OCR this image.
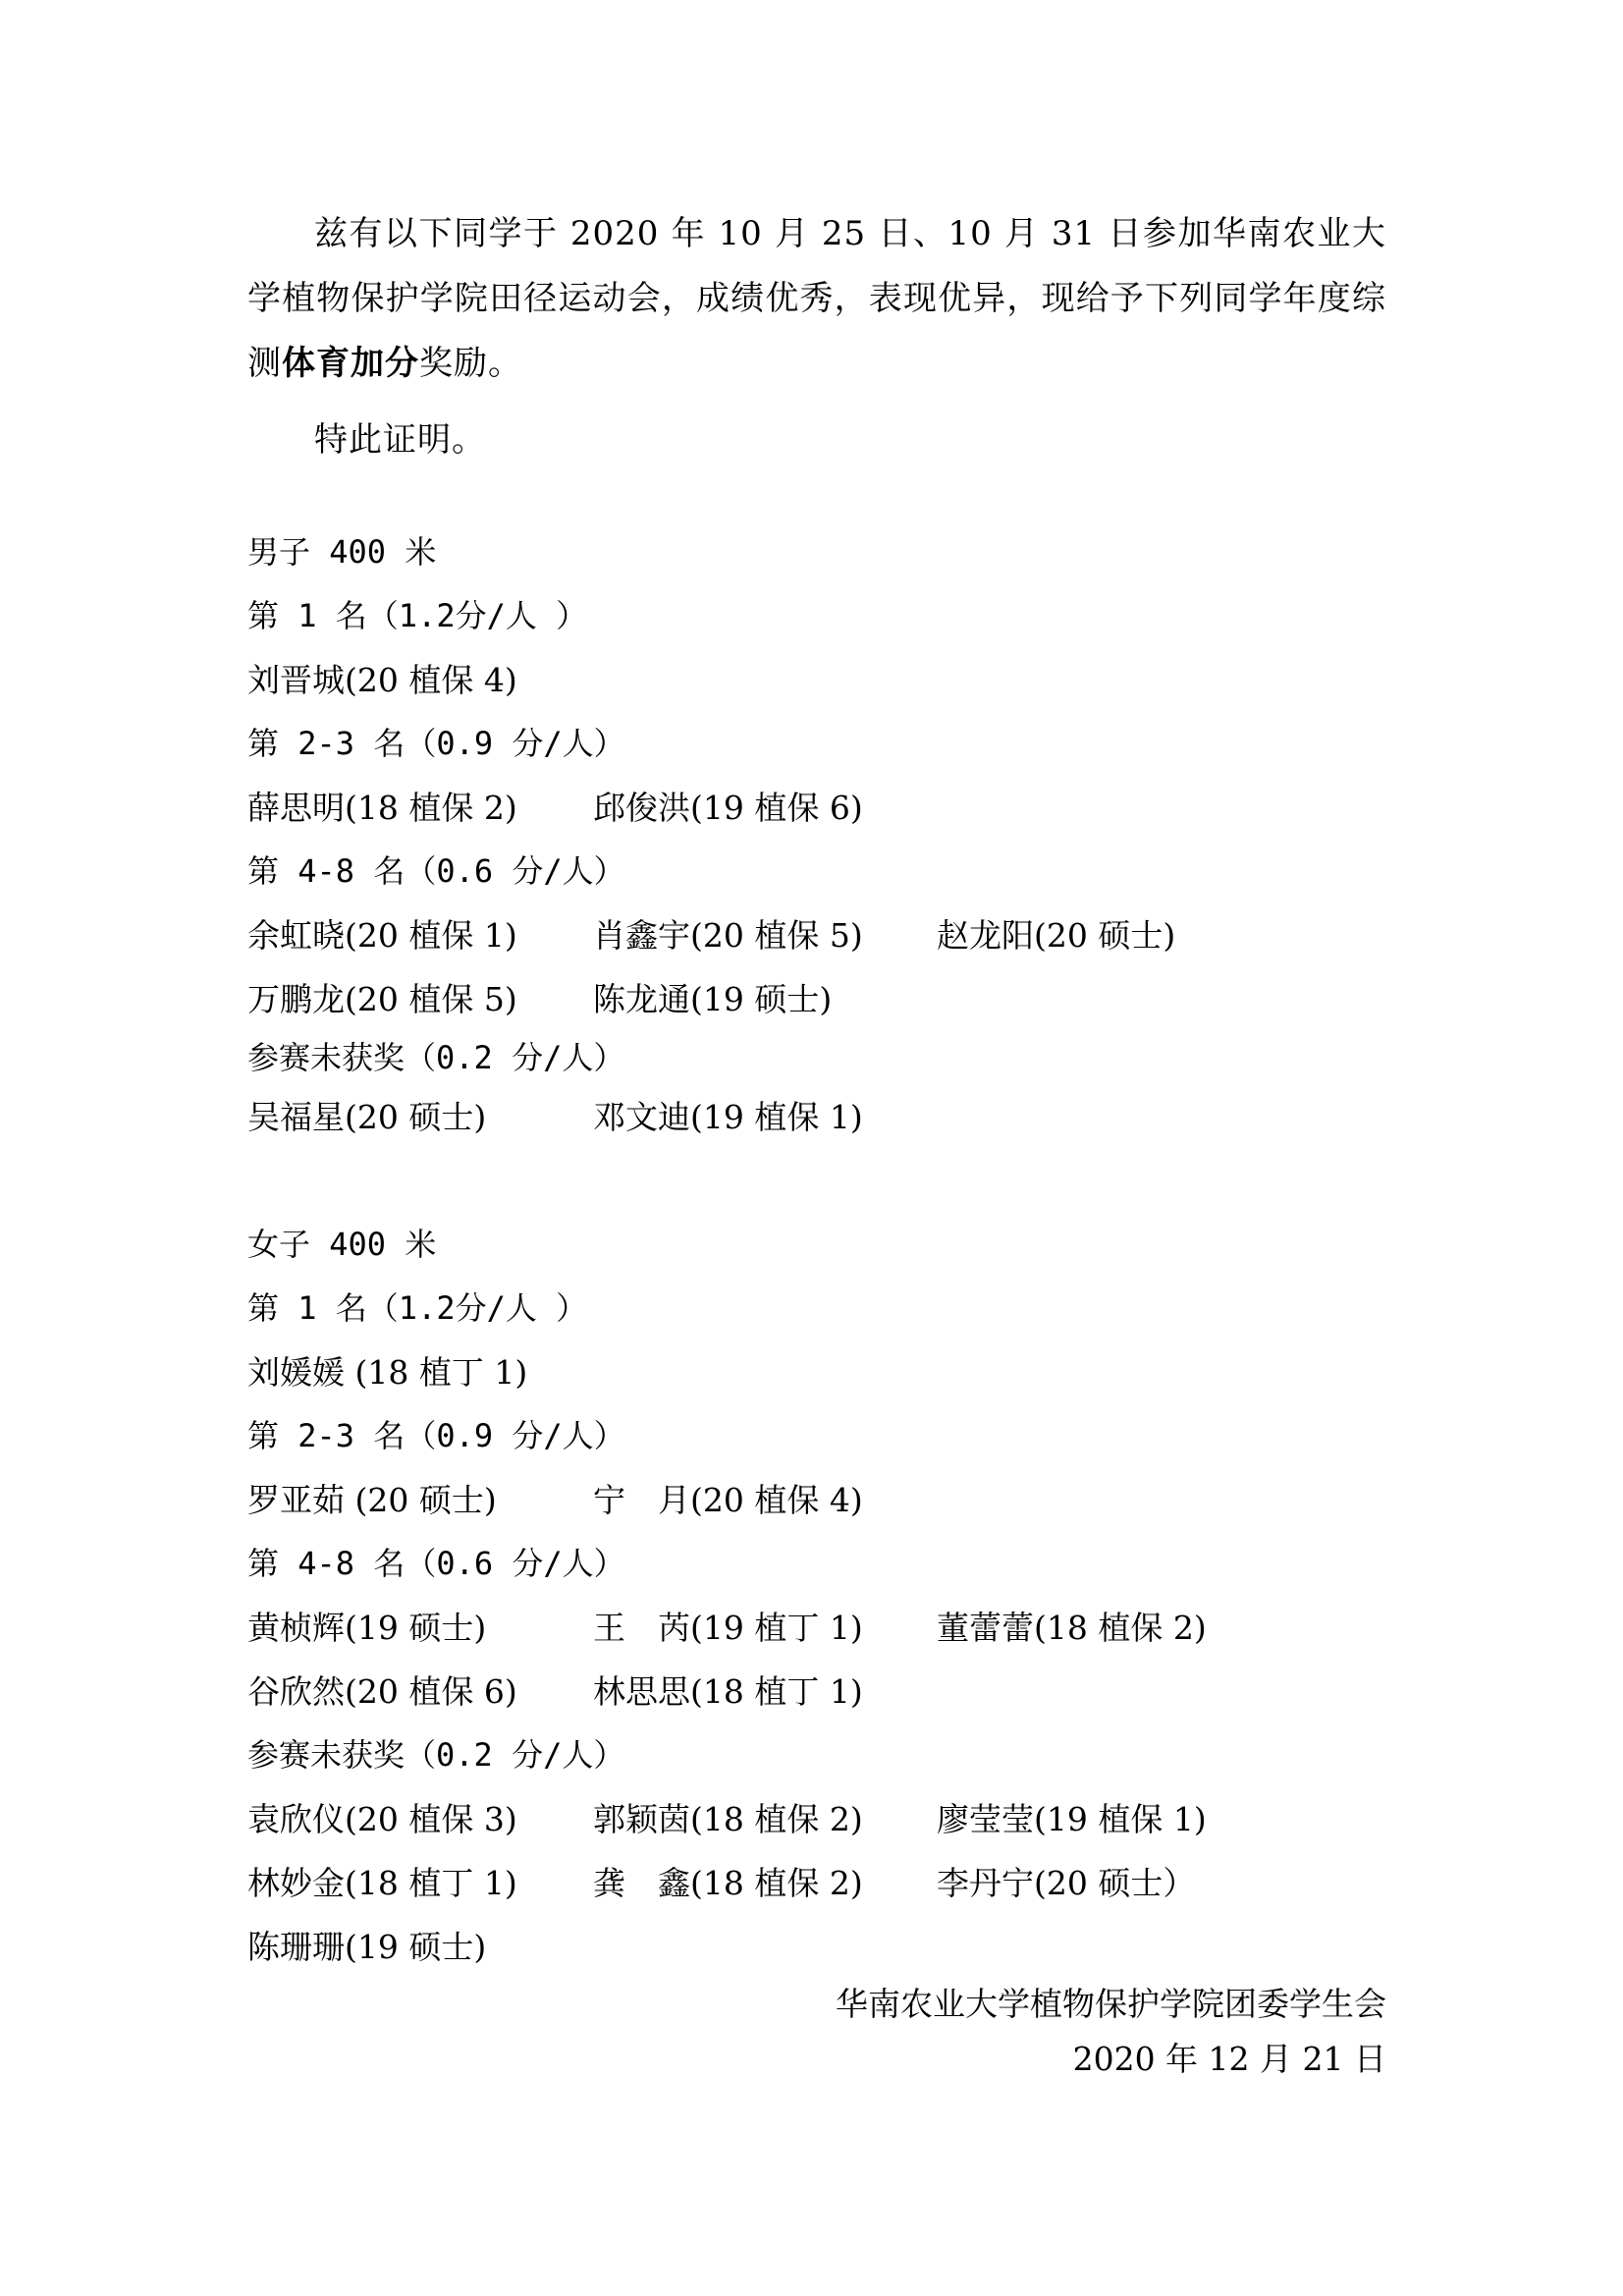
兹有以下同学于 2020 年 10 月 25 日、10 月 31 日参加华南农业大学植物保护学院田径运动会，成绩优秀，表现优异，现给予下列同学年度综测体育加分奖励。

特此证明。

男子 400 米
第 1 名（1.2分/人 ）
刘晋城(20 植保 4)
第 2-3 名（0.9 分/人）
薛思明(18 植保 2) 邱俊洪(19 植保 6)
第 4-8 名（0.6 分/人）
余虹晓(20 植保 1) 肖鑫宇(20 植保 5) 赵龙阳(20 硕士)
万鹏龙(20 植保 5) 陈龙通(19 硕士)
参赛未获奖（0.2 分/人）
吴福星(20 硕士)	邓文迪(19 植保 1)
女子 400 米
第 1 名（1.2分/人 ）
刘媛媛 (18 植丁 1)
第 2-3 名（0.9 分/人）
罗亚茹 (20 硕士)	宁　月(20 植保 4)
第 4-8 名（0.6 分/人）
黄桢辉(19 硕士)	王　芮(19 植丁 1) 董蕾蕾(18 植保 2)
谷欣然(20 植保 6) 林思思(18 植丁 1)
参赛未获奖（0.2 分/人）
袁欣仪(20 植保 3) 郭颖茵(18 植保 2) 廖莹莹(19 植保 1)
林妙金(18 植丁 1) 龚　鑫(18 植保 2) 李丹宁(20 硕士）
陈珊珊(19 硕士)
华南农业大学植物保护学院团委学生会
2020 年 12 月 21 日
